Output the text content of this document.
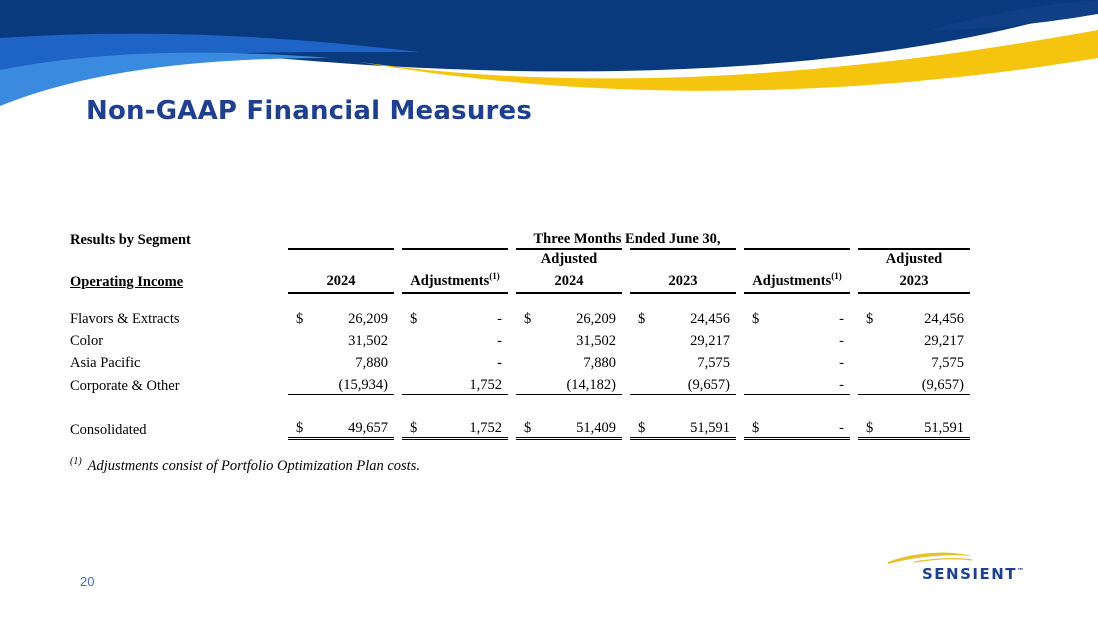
Non-GAAP Financial Measures
Results by Segment	Three Months Ended June 30,											
					Adjusted						Adjusted	
Operating Income	2024		Adjustments$^{(1)}$		2024		2023		Adjustments$^{(1)}$		2023	

Flavors & Extracts	$	26,209	$	-	$	26,209	$	24,456	$	-	$	24,456
Color		31,502		-		31,502		29,217		-		29,217
Asia Pacific		7,880		-		7,880		7,575		-		7,575
Corporate & Other		(15,934)		1,752		(14,182)		(9,657)		-		(9,657)

Consolidated	$	49,657	$	1,752	$	51,409	$	51,591	$	-	$	51,591
$^{(1)}$ Adjustments consist of Portfolio Optimization Plan costs.
20	SENSIENT™
